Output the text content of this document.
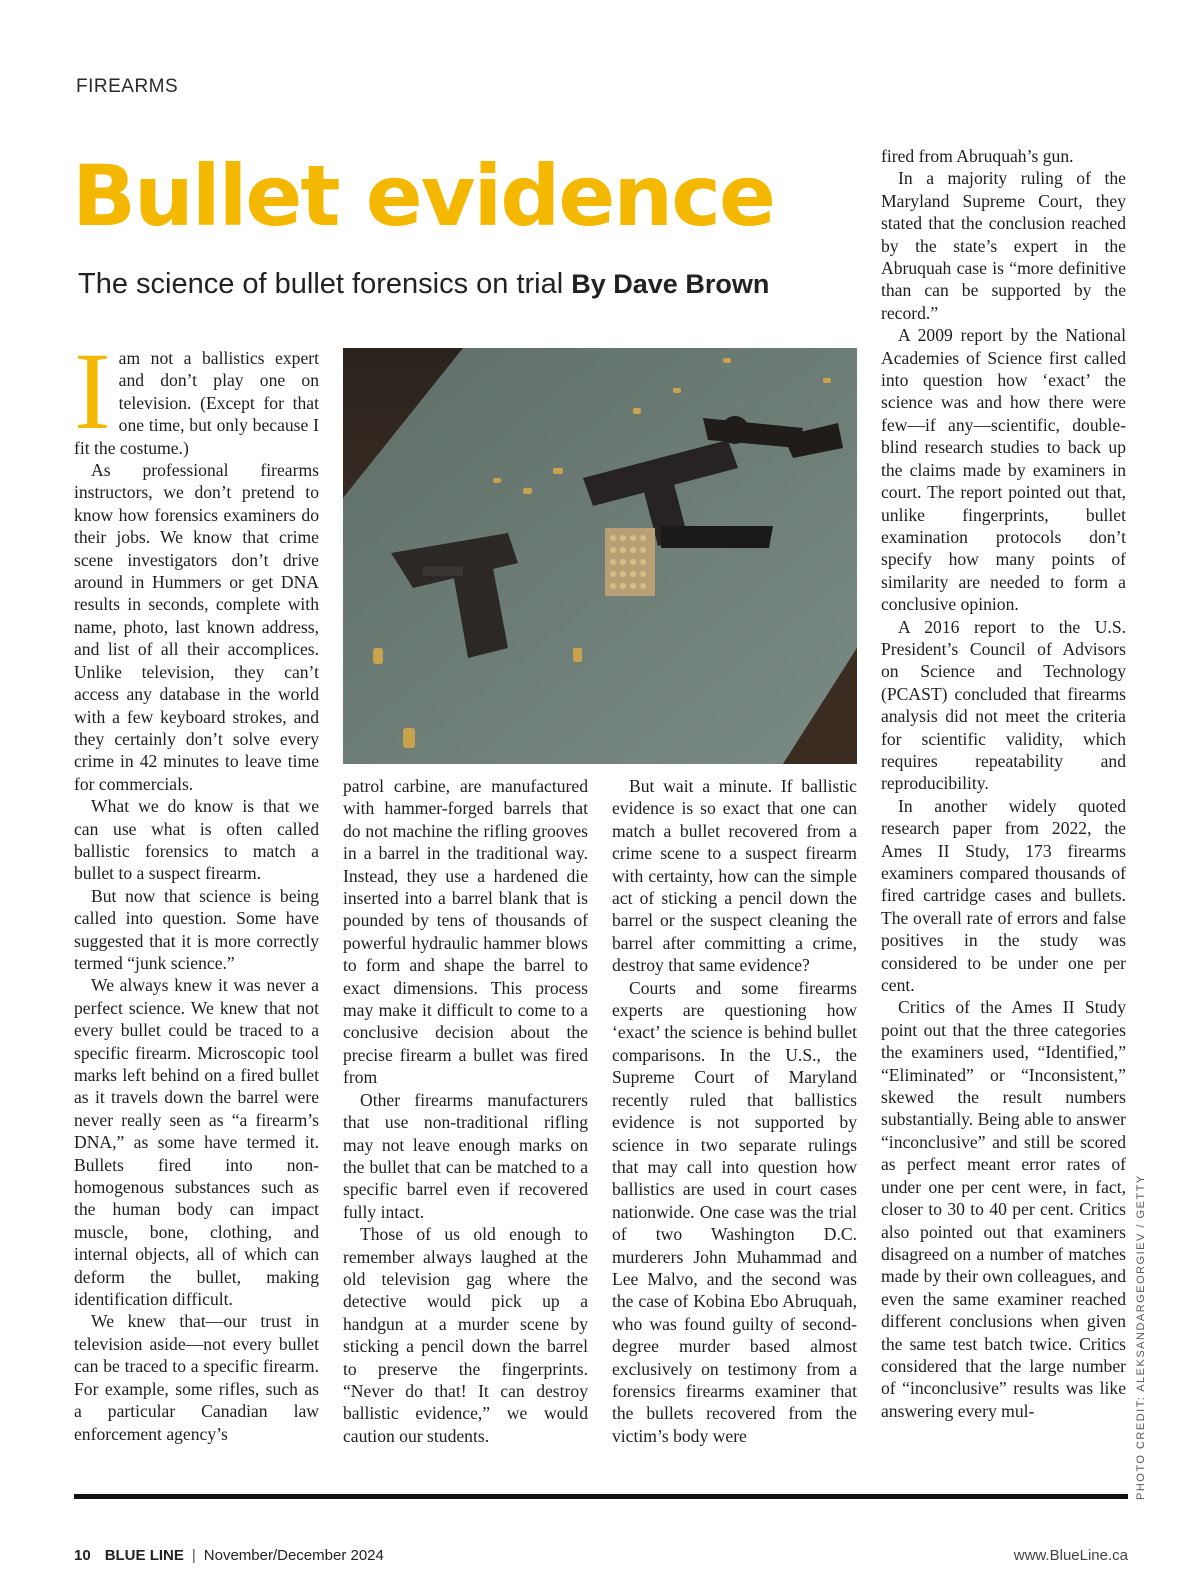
FIREARMS
Bullet evidence
The science of bullet forensics on trial By Dave Brown

Iam not a ballistics expert and don’t play one on television. (Except for that one time, but only because I fit the costume.)

As professional firearms instructors, we don’t pretend to know how forensics examiners do their jobs. We know that crime scene investigators don’t drive around in Hummers or get DNA results in seconds, complete with name, photo, last known address, and list of all their accomplices. Unlike television, they can’t access any database in the world with a few keyboard strokes, and they certainly don’t solve every crime in 42 minutes to leave time for commercials.

What we do know is that we can use what is often called ballistic forensics to match a bullet to a suspect firearm.

But now that science is being called into question. Some have suggested that it is more correctly termed “junk science.”

We always knew it was never a perfect science. We knew that not every bullet could be traced to a specific firearm. Microscopic tool marks left behind on a fired bullet as it travels down the barrel were never really seen as “a firearm’s DNA,” as some have termed it. Bullets fired into non-homogenous substances such as the human body can impact muscle, bone, clothing, and internal objects, all of which can deform the bullet, making identification difficult.

We knew that—our trust in television aside—not every bullet can be traced to a specific firearm. For example, some rifles, such as a particular Canadian law enforcement agency’s

patrol carbine, are manufactured with hammer-forged barrels that do not machine the rifling grooves in a barrel in the traditional way. Instead, they use a hardened die inserted into a barrel blank that is pounded by tens of thousands of powerful hydraulic hammer blows to form and shape the barrel to exact dimensions. This process may make it difficult to come to a conclusive decision about the precise firearm a bullet was fired from

Other firearms manufacturers that use non-traditional rifling may not leave enough marks on the bullet that can be matched to a specific barrel even if recovered fully intact.

Those of us old enough to remember always laughed at the old television gag where the detective would pick up a handgun at a murder scene by sticking a pencil down the barrel to preserve the fingerprints. “Never do that! It can destroy ballistic evidence,” we would caution our students.

But wait a minute. If ballistic evidence is so exact that one can match a bullet recovered from a crime scene to a suspect firearm with certainty, how can the simple act of sticking a pencil down the barrel or the suspect cleaning the barrel after committing a crime, destroy that same evidence?

Courts and some firearms experts are questioning how ‘exact’ the science is behind bullet comparisons. In the U.S., the Supreme Court of Maryland recently ruled that ballistics evidence is not supported by science in two separate rulings that may call into question how ballistics are used in court cases nationwide. One case was the trial of two Washington D.C. murderers John Muhammad and Lee Malvo, and the second was the case of Kobina Ebo Abruquah, who was found guilty of second-degree murder based almost exclusively on testimony from a forensics firearms examiner that the bullets recovered from the victim’s body were

fired from Abruquah’s gun.

In a majority ruling of the Maryland Supreme Court, they stated that the conclusion reached by the state’s expert in the Abruquah case is “more definitive than can be supported by the record.”

A 2009 report by the National Academies of Science first called into question how ‘exact’ the science was and how there were few—if any—scientific, double-blind research studies to back up the claims made by examiners in court. The report pointed out that, unlike fingerprints, bullet examination protocols don’t specify how many points of similarity are needed to form a conclusive opinion.

A 2016 report to the U.S. President’s Council of Advisors on Science and Technology (PCAST) concluded that firearms analysis did not meet the criteria for scientific validity, which requires repeatability and reproducibility.

In another widely quoted research paper from 2022, the Ames II Study, 173 firearms examiners compared thousands of fired cartridge cases and bullets. The overall rate of errors and false positives in the study was considered to be under one per cent.

Critics of the Ames II Study point out that the three categories the examiners used, “Identified,” “Eliminated” or “Inconsistent,” skewed the result numbers substantially. Being able to answer “inconclusive” and still be scored as perfect meant error rates of under one per cent were, in fact, closer to 30 to 40 per cent. Critics also pointed out that examiners disagreed on a number of matches made by their own colleagues, and even the same examiner reached different conclusions when given the same test batch twice. Critics considered that the large number of “inconclusive” results was like answering every mul-	PHOTO CREDIT: ALEKSANDARGEORGIEV / GETTY
10 BLUE LINE | November/December 2024	www.BlueLine.ca
